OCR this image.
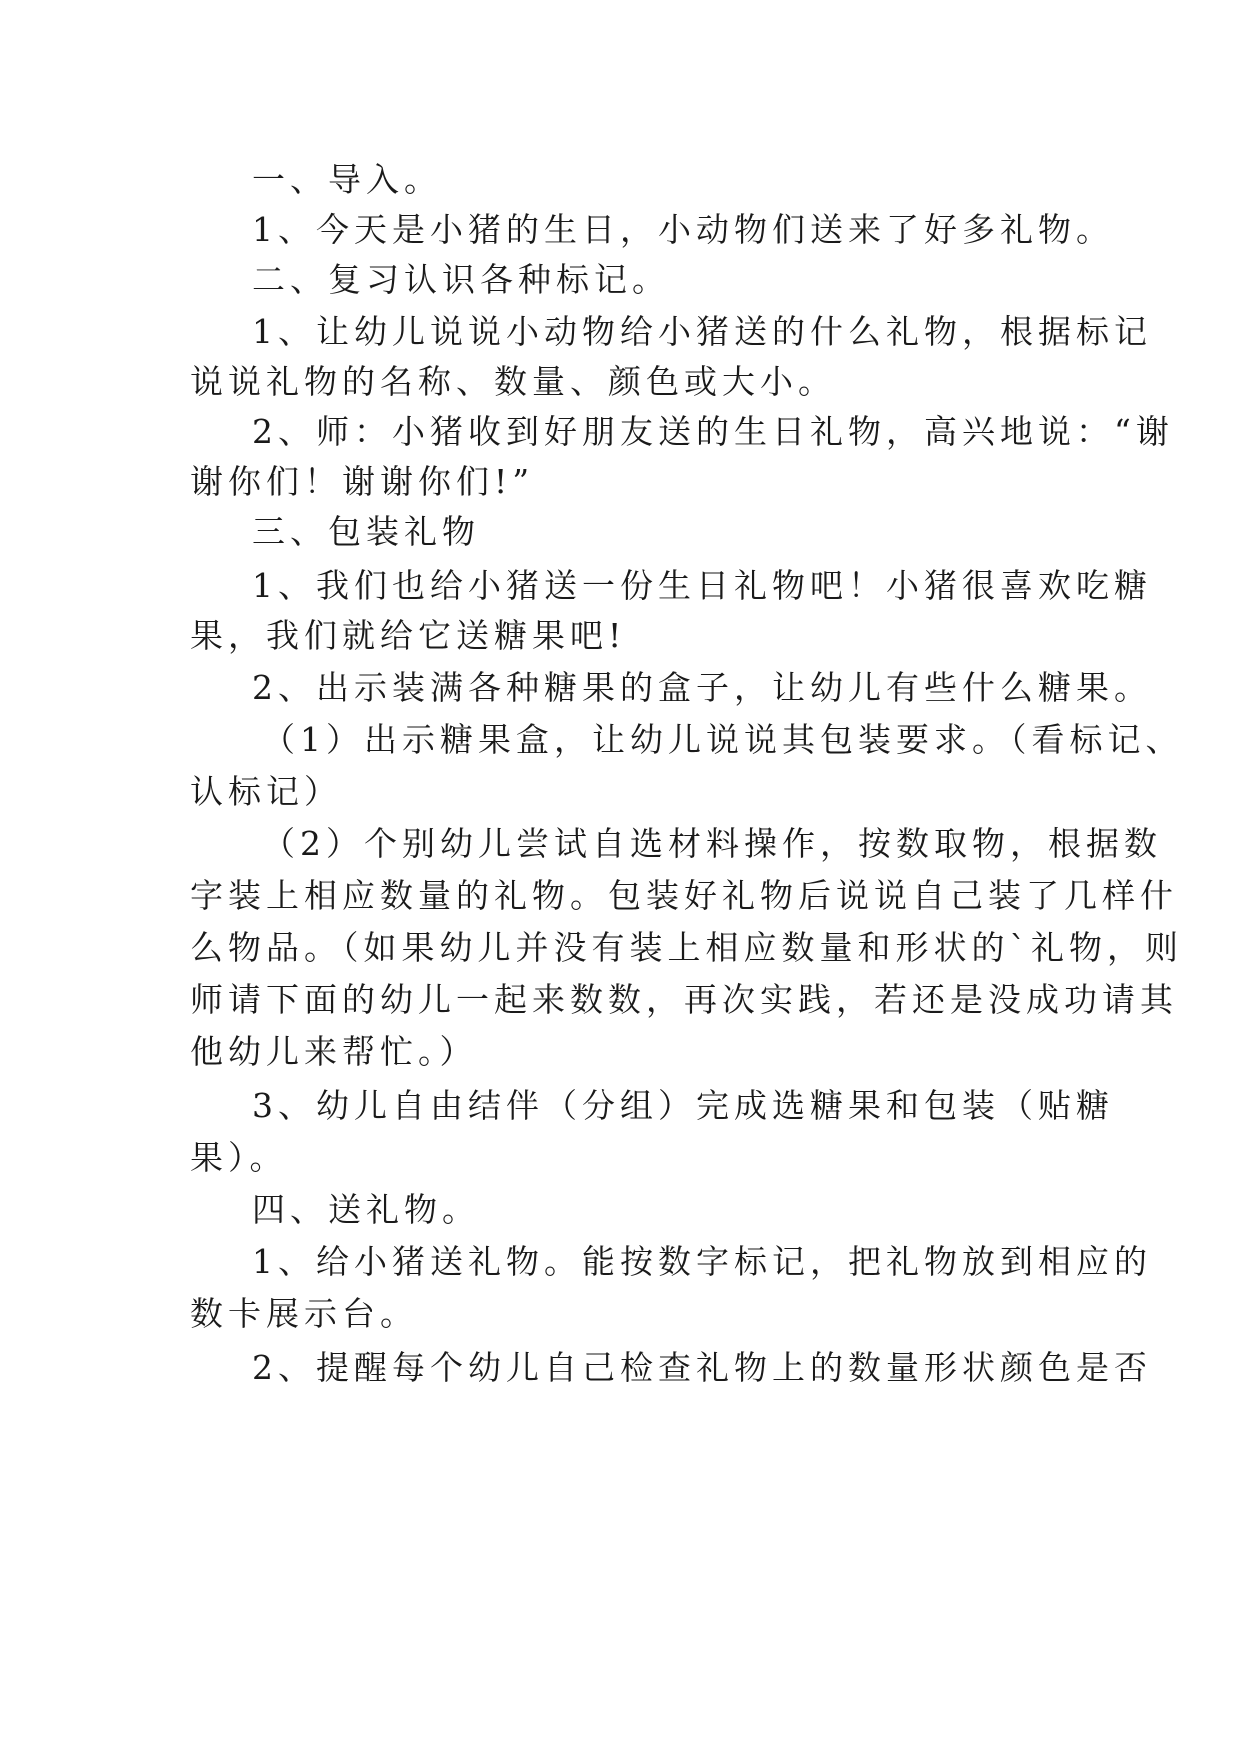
一、导入。
1、今天是小猪的生日，小动物们送来了好多礼物。
二、复习认识各种标记。
1、让幼儿说说小动物给小猪送的什么礼物，根据标记
说说礼物的名称、数量、颜色或大小。
2、师：小猪收到好朋友送的生日礼物，高兴地说：“谢
谢你们！谢谢你们!”
三、包装礼物
1、我们也给小猪送一份生日礼物吧！小猪很喜欢吃糖
果，我们就给它送糖果吧!
2、出示装满各种糖果的盒子，让幼儿有些什么糖果。
（1）出示糖果盒，让幼儿说说其包装要求。（看标记、
认标记）
（2）个别幼儿尝试自选材料操作，按数取物，根据数
字装上相应数量的礼物。包装好礼物后说说自己装了几样什
么物品。（如果幼儿并没有装上相应数量和形状的`礼物，则
师请下面的幼儿一起来数数，再次实践，若还是没成功请其
他幼儿来帮忙。）
3、幼儿自由结伴（分组）完成选糖果和包装（贴糖
果）。
四、送礼物。
1、给小猪送礼物。能按数字标记，把礼物放到相应的
数卡展示台。
2、提醒每个幼儿自己检查礼物上的数量形状颜色是否
